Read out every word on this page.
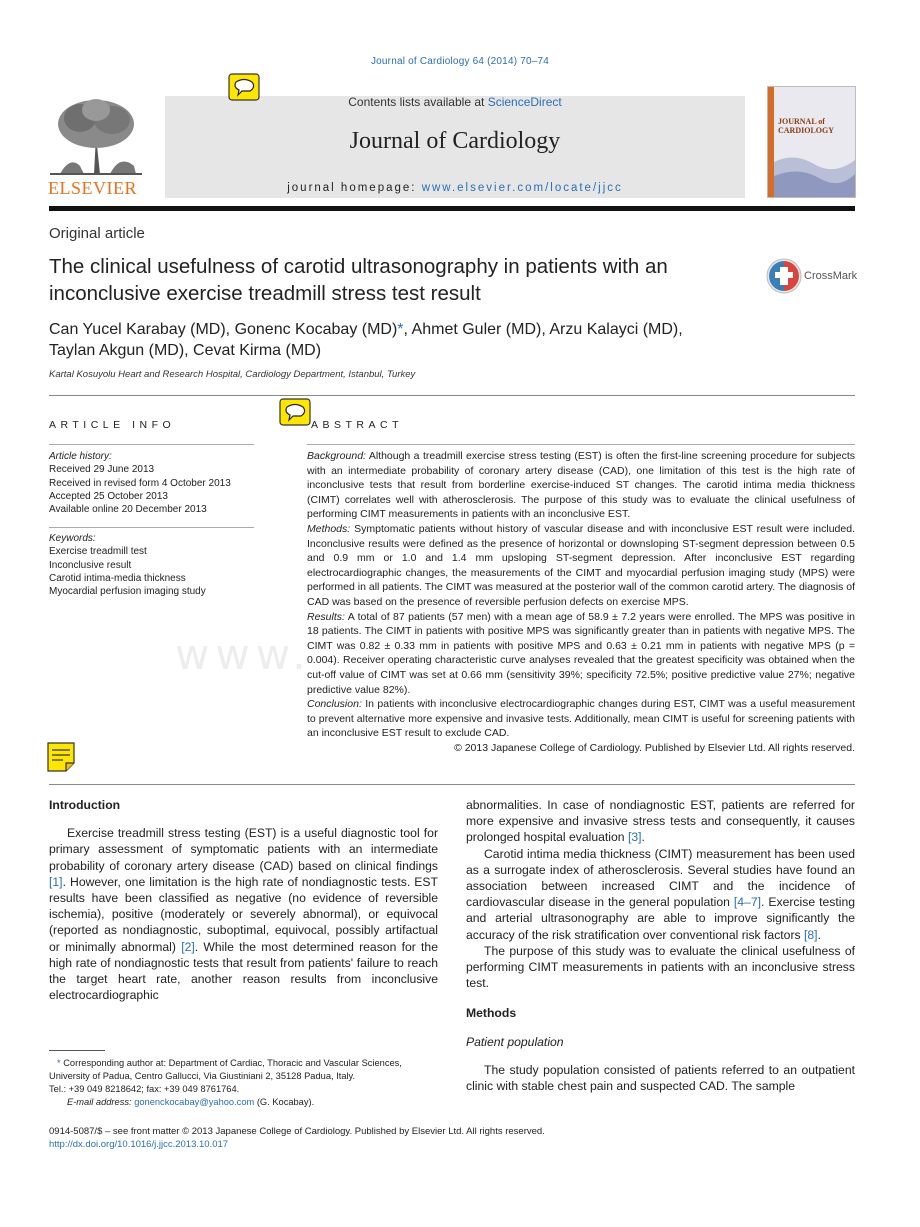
Journal of Cardiology 64 (2014) 70–74
Contents lists available at ScienceDirect
Journal of Cardiology
journal homepage: www.elsevier.com/locate/jjcc
ELSEVIER
JOURNAL of
CARDIOLOGY
Original article
The clinical usefulness of carotid ultrasonography in patients with an inconclusive exercise treadmill stress test result
CrossMark
Can Yucel Karabay (MD), Gonenc Kocabay (MD)*, Ahmet Guler (MD), Arzu Kalayci (MD),
Taylan Akgun (MD), Cevat Kirma (MD)
Kartal Kosuyolu Heart and Research Hospital, Cardiology Department, Istanbul, Turkey
ARTICLE INFO
Article history:
Received 29 June 2013
Received in revised form 4 October 2013
Accepted 25 October 2013
Available online 20 December 2013
Keywords:
Exercise treadmill test
Inconclusive result
Carotid intima-media thickness
Myocardial perfusion imaging study
ABSTRACT

Background: Although a treadmill exercise stress testing (EST) is often the first-line screening procedure for subjects with an intermediate probability of coronary artery disease (CAD), one limitation of this test is the high rate of inconclusive tests that result from borderline exercise-induced ST changes. The carotid intima media thickness (CIMT) correlates well with atherosclerosis. The purpose of this study was to evaluate the clinical usefulness of performing CIMT measurements in patients with an inconclusive EST.

Methods: Symptomatic patients without history of vascular disease and with inconclusive EST result were included. Inconclusive results were defined as the presence of horizontal or downsloping ST-segment depression between 0.5 and 0.9 mm or 1.0 and 1.4 mm upsloping ST-segment depression. After inconclusive EST regarding electrocardiographic changes, the measurements of the CIMT and myocardial perfusion imaging study (MPS) were performed in all patients. The CIMT was measured at the posterior wall of the common carotid artery. The diagnosis of CAD was based on the presence of reversible perfusion defects on exercise MPS.

Results: A total of 87 patients (57 men) with a mean age of 58.9 ± 7.2 years were enrolled. The MPS was positive in 18 patients. The CIMT in patients with positive MPS was significantly greater than in patients with negative MPS. The CIMT was 0.82 ± 0.33 mm in patients with positive MPS and 0.63 ± 0.21 mm in patients with negative MPS (p = 0.004). Receiver operating characteristic curve analyses revealed that the greatest specificity was obtained when the cut-off value of CIMT was set at 0.66 mm (sensitivity 39%; specificity 72.5%; positive predictive value 27%; negative predictive value 82%).

Conclusion: In patients with inconclusive electrocardiographic changes during EST, CIMT was a useful measurement to prevent alternative more expensive and invasive tests. Additionally, mean CIMT is useful for screening patients with an inconclusive EST result to exclude CAD.

© 2013 Japanese College of Cardiology. Published by Elsevier Ltd. All rights reserved.

www.

Introduction

Exercise treadmill stress testing (EST) is a useful diagnostic tool for primary assessment of symptomatic patients with an intermediate probability of coronary artery disease (CAD) based on clinical findings [1]. However, one limitation is the high rate of nondiagnostic tests. EST results have been classified as negative (no evidence of reversible ischemia), positive (moderately or severely abnormal), or equivocal (reported as nondiagnostic, suboptimal, equivocal, possibly artifactual or minimally abnormal) [2]. While the most determined reason for the high rate of nondiagnostic tests that result from patients' failure to reach the target heart rate, another reason results from inconclusive electrocardiographic

abnormalities. In case of nondiagnostic EST, patients are referred for more expensive and invasive stress tests and consequently, it causes prolonged hospital evaluation [3].

Carotid intima media thickness (CIMT) measurement has been used as a surrogate index of atherosclerosis. Several studies have found an association between increased CIMT and the incidence of cardiovascular disease in the general population [4–7]. Exercise testing and arterial ultrasonography are able to improve significantly the accuracy of the risk stratification over conventional risk factors [8].

The purpose of this study was to evaluate the clinical usefulness of performing CIMT measurements in patients with an inconclusive stress test.

Methods

Patient population

The study population consisted of patients referred to an outpatient clinic with stable chest pain and suspected CAD. The sample

* Corresponding author at: Department of Cardiac, Thoracic and Vascular Sciences, University of Padua, Centro Gallucci, Via Giustiniani 2, 35128 Padua, Italy.
Tel.: +39 049 8218642; fax: +39 049 8761764.
E-mail address: gonenckocabay@yahoo.com (G. Kocabay).
0914-5087/$ – see front matter © 2013 Japanese College of Cardiology. Published by Elsevier Ltd. All rights reserved.
http://dx.doi.org/10.1016/j.jjcc.2013.10.017
